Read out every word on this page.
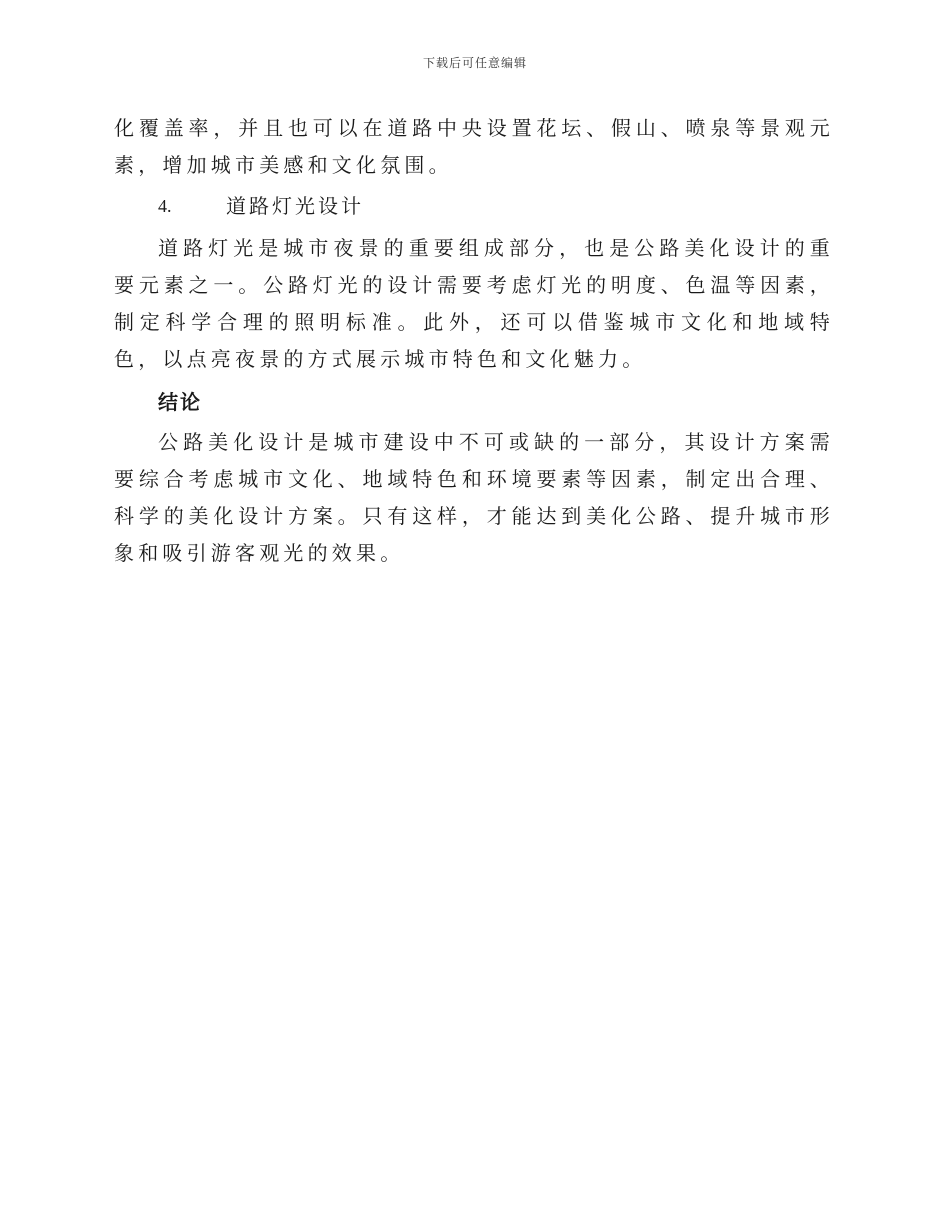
下载后可任意编辑

化覆盖率，并且也可以在道路中央设置花坛、假山、喷泉等景观元素，增加城市美感和文化氛围。

4.	道路灯光设计

道路灯光是城市夜景的重要组成部分，也是公路美化设计的重要元素之一。公路灯光的设计需要考虑灯光的明度、色温等因素，制定科学合理的照明标准。此外，还可以借鉴城市文化和地域特色，以点亮夜景的方式展示城市特色和文化魅力。

结论

公路美化设计是城市建设中不可或缺的一部分，其设计方案需要综合考虑城市文化、地域特色和环境要素等因素，制定出合理、科学的美化设计方案。只有这样，才能达到美化公路、提升城市形象和吸引游客观光的效果。
